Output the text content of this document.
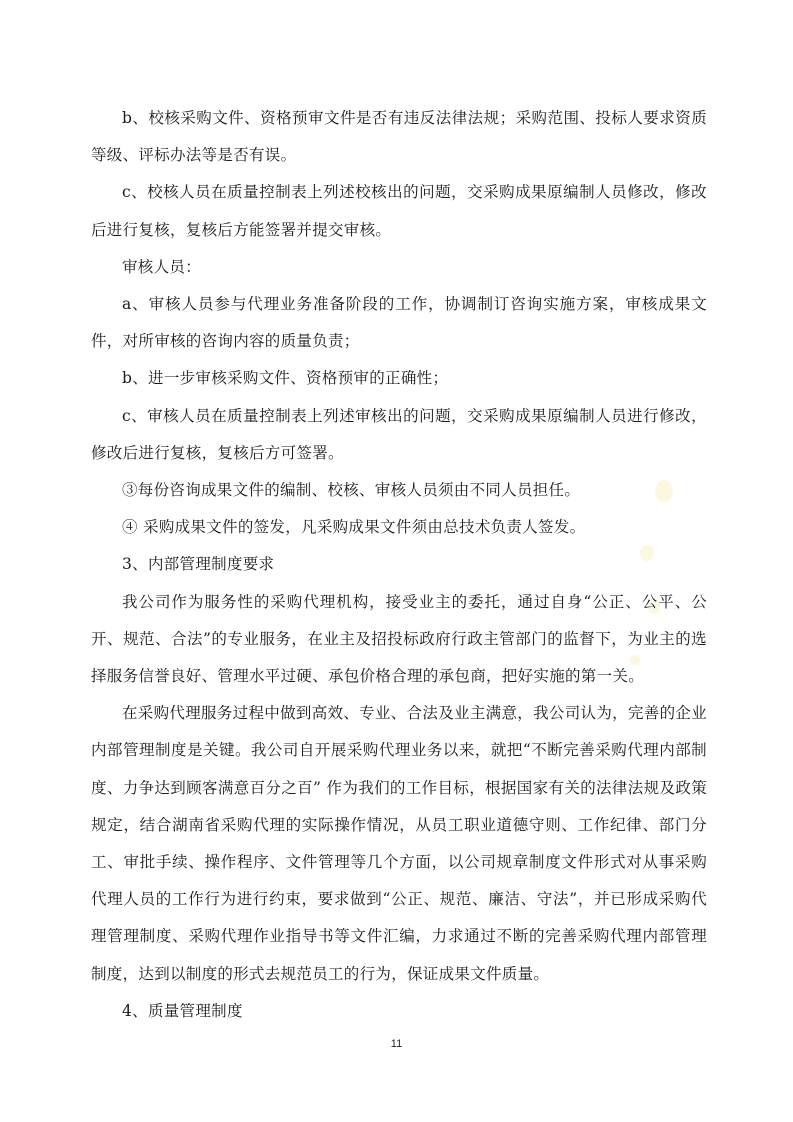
b、校核采购文件、资格预审文件是否有违反法律法规；采购范围、投标人要求资质等级、评标办法等是否有误。

c、校核人员在质量控制表上列述校核出的问题，交采购成果原编制人员修改，修改后进行复核，复核后方能签署并提交审核。

审核人员：

a、审核人员参与代理业务准备阶段的工作，协调制订咨询实施方案，审核成果文件，对所审核的咨询内容的质量负责；

b、进一步审核采购文件、资格预审的正确性；

c、审核人员在质量控制表上列述审核出的问题，交采购成果原编制人员进行修改，修改后进行复核，复核后方可签署。

③每份咨询成果文件的编制、校核、审核人员须由不同人员担任。

④ 采购成果文件的签发，凡采购成果文件须由总技术负责人签发。

3、内部管理制度要求

我公司作为服务性的采购代理机构，接受业主的委托，通过自身“公正、公平、公开、规范、合法”的专业服务，在业主及招投标政府行政主管部门的监督下，为业主的选择服务信誉良好、管理水平过硬、承包价格合理的承包商，把好实施的第一关。

在采购代理服务过程中做到高效、专业、合法及业主满意，我公司认为，完善的企业内部管理制度是关键。我公司自开展采购代理业务以来，就把“不断完善采购代理内部制度、力争达到顾客满意百分之百” 作为我们的工作目标，根据国家有关的法律法规及政策规定，结合湖南省采购代理的实际操作情况，从员工职业道德守则、工作纪律、部门分工、审批手续、操作程序、文件管理等几个方面，以公司规章制度文件形式对从事采购代理人员的工作行为进行约束，要求做到“公正、规范、廉洁、守法”，并已形成采购代理管理制度、采购代理作业指导书等文件汇编，力求通过不断的完善采购代理内部管理制度，达到以制度的形式去规范员工的行为，保证成果文件质量。

4、质量管理制度

11
